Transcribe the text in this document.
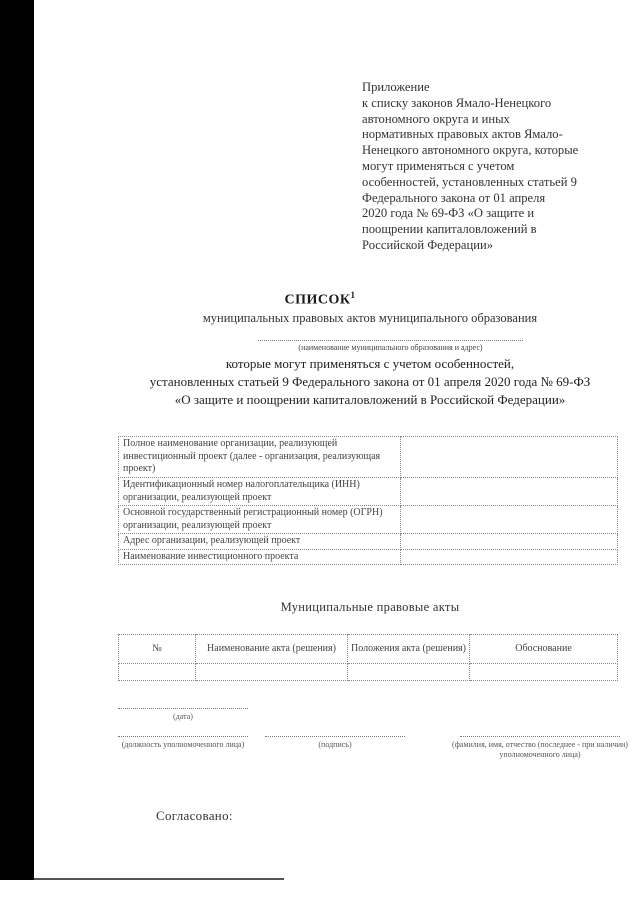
Приложение
к списку законов Ямало-Ненецкого
автономного округа и иных
нормативных правовых актов Ямало-
Ненецкого автономного округа, которые
могут применяться с учетом
особенностей, установленных статьей 9
Федерального закона от 01 апреля
2020 года № 69-ФЗ «О защите и
поощрении капиталовложений в
Российской Федерации»
СПИСОК$^1$
муниципальных правовых актов муниципального образования
(наименование муниципального образования и адрес)
которые могут применяться с учетом особенностей,
установленных статьей 9 Федерального закона от 01 апреля 2020 года № 69-ФЗ
«О защите и поощрении капиталовложений в Российской Федерации»
Полное наименование организации, реализующей инвестиционный проект (далее - организация, реализующая проект)	
Идентификационный номер налогоплательщика (ИНН) организации, реализующей проект	
Основной государственный регистрационный номер (ОГРН) организации, реализующей проект	
Адрес организации, реализующей проект	
Наименование инвестиционного проекта	
Муниципальные правовые акты
№	Наименование акта (решения)	Положения акта (решения)	Обоснование

(дата)
(должность уполномоченного лица)	(подпись)	(фамилия, имя, отчество (последнее - при наличии) уполномоченного лица)
Согласовано:
